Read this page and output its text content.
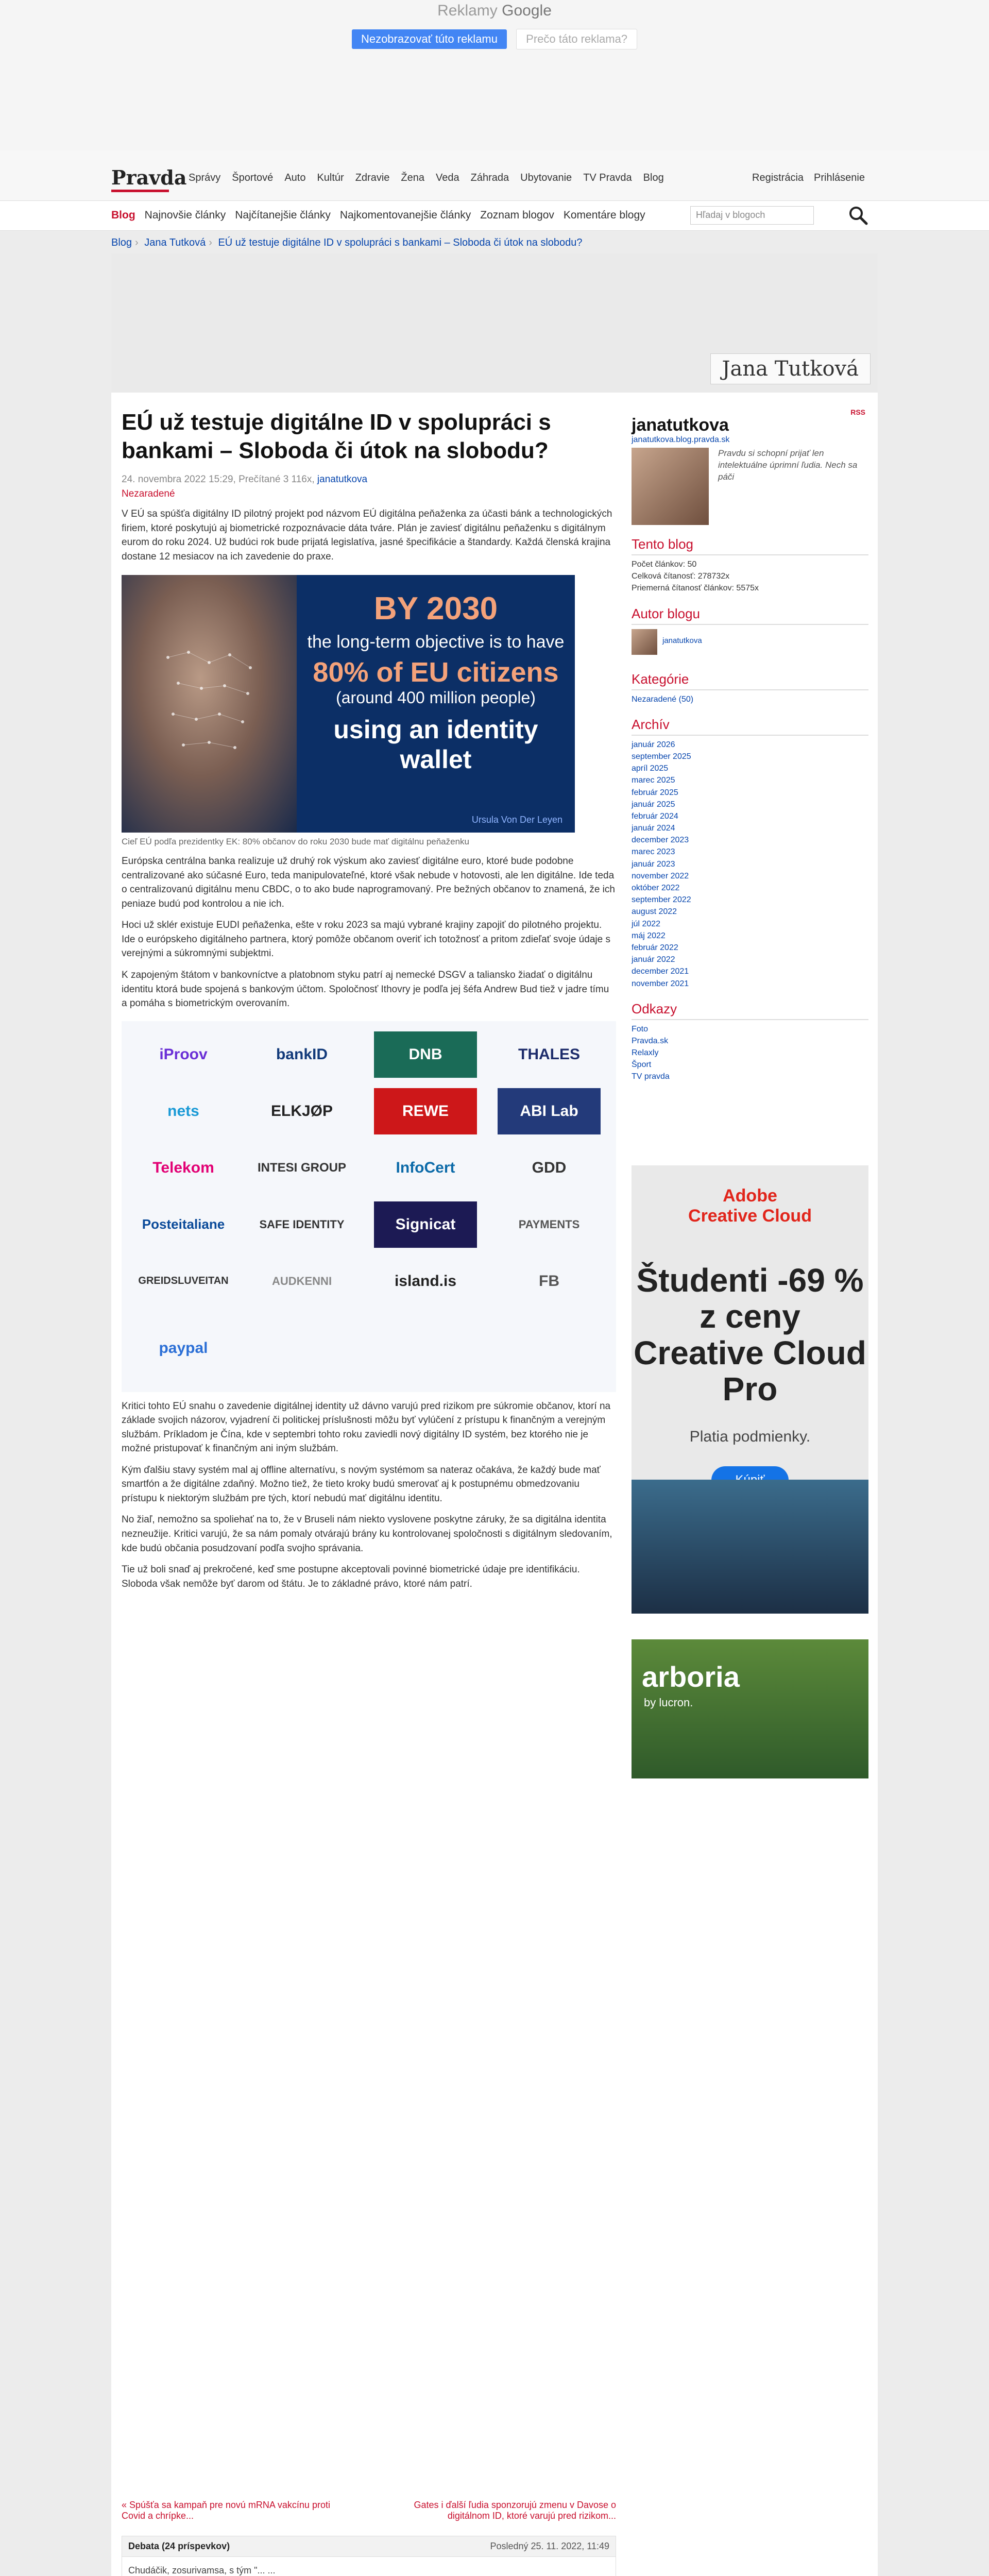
Reklamy Google
Nezobrazovať túto reklamu	Prečo táto reklama?
Pravda Správy Športové Auto Kultúr Zdravie Žena Veda Záhrada Ubytovanie TV Pravda Blog	Registrácia Prihlásenie
Blog Najnovšie články Najčítanejšie články Najkomentovanejšie články Zoznam blogov Komentáre blogy	Hľadaj v blogoch
Blog › Jana Tutková › EÚ už testuje digitálne ID v spolupráci s bankami – Sloboda či útok na slobodu?
Jana Tutková
EÚ už testuje digitálne ID v spolupráci s bankami – Sloboda či útok na slobodu?
24. novembra 2022 15:29, Prečítané 3 116x, janatutkova
Nezaradené

V EÚ sa spúšťa digitálny ID pilotný projekt pod názvom EÚ digitálna peňaženka za účasti bánk a technologických firiem, ktoré poskytujú aj biometrické rozpoznávacie dáta tváre. Plán je zaviesť digitálnu peňaženku s digitálnym eurom do roku 2024. Už budúci rok bude prijatá legislatíva, jasné špecifikácie a štandardy. Každá členská krajina dostane 12 mesiacov na ich zavedenie do praxe.

BY 2030
the long-term objective is to have
80% of EU citizens
(around 400 million people)
using an identity wallet
Ursula Von Der Leyen
Cieľ EÚ podľa prezidentky EK: 80% občanov do roku 2030 bude mať digitálnu peňaženku

Európska centrálna banka realizuje už druhý rok výskum ako zaviesť digitálne euro, ktoré bude podobne centralizované ako súčasné Euro, teda manipulovateľné, ktoré však nebude v hotovosti, ale len digitálne. Ide teda o centralizovanú digitálnu menu CBDC, o to ako bude naprogramovaný. Pre bežných občanov to znamená, že ich peniaze budú pod kontrolou a nie ich.

Hoci už sklér existuje EUDI peňaženka, ešte v roku 2023 sa majú vybrané krajiny zapojiť do pilotného projektu. Ide o európskeho digitálneho partnera, ktorý pomôže občanom overiť ich totožnosť a pritom zdieľať svoje údaje s verejnými a súkromnými subjektmi.

K zapojeným štátom v bankovníctve a platobnom styku patrí aj nemecké DSGV a taliansko žiadať o digitálnu identitu ktorá bude spojená s bankovým účtom. Spoločnosť Ithovry je podľa jej šéfa Andrew Bud tiež v jadre tímu a pomáha s biometrickým overovaním.

iProov	bankID	DNB	THALES
nets	ELKJØP	REWE	ABI Lab
Telekom	INTESI GROUP	InfoCert	GDD
Posteitaliane	SAFE IDENTITY	Signicat	PAYMENTS
GREIDSLUVEITAN	AUDKENNI	island.is	FB
paypal

Kritici tohto EÚ snahu o zavedenie digitálnej identity už dávno varujú pred rizikom pre súkromie občanov, ktorí na základe svojich názorov, vyjadrení či politickej príslušnosti môžu byť vylúčení z prístupu k finančným a verejným službám. Príkladom je Čína, kde v septembri tohto roku zaviedli nový digitálny ID systém, bez ktorého nie je možné pristupovať k finančným ani iným službám.

Kým ďalšiu stavy systém mal aj offline alternatívu, s novým systémom sa nateraz očakáva, že každý bude mať smartfón a že digitálne zdaňný. Možno tiež, že tieto kroky budú smerovať aj k postupnému obmedzovaniu prístupu k niektorým službám pre tých, ktorí nebudú mať digitálnu identitu.

No žiaľ, nemožno sa spoliehať na to, že v Bruseli nám niekto vyslovene poskytne záruky, že sa digitálna identita nezneužije. Kritici varujú, že sa nám pomaly otvárajú brány ku kontrolovanej spoločnosti s digitálnym sledovaním, kde budú občania posudzovaní podľa svojho správania.

Tie už boli snaď aj prekročené, keď sme postupne akceptovali povinné biometrické údaje pre identifikáciu. Sloboda však nemôže byť darom od štátu. Je to základné právo, ktoré nám patrí.

« Spúšťa sa kampaň pre novú mRNA vakcínu proti Covid a chrípke...
Gates i ďalší ľudia sponzorujú zmenu v Davose o digitálnom ID, ktoré varujú pred rizikom...
Debata (24 príspevkov)	Posledný 25. 11. 2022, 11:49
Chudáčik, zosurivamsa, s tým "... ...
RSS
janatutkova
janatutkova.blog.pravda.sk
Pravdu si schopní prijať len intelektuálne úprimní ľudia. Nech sa páči
Tento blog
Počet článkov: 50
Celková čítanosť: 278732x
Priemerná čítanosť článkov: 5575x
Autor blogu
janatutkova
Kategórie
Nezaradené (50)
Archív
január 2026
september 2025
apríl 2025
marec 2025
február 2025
január 2025
február 2024
január 2024
december 2023
marec 2023
január 2023
november 2022
október 2022
september 2022
august 2022
júl 2022
máj 2022
február 2022
január 2022
december 2021
november 2021
Odkazy
Foto
Pravda.sk
Relaxly
Šport
TV pravda
Adobe
Creative Cloud
Študenti -69 % z ceny Creative Cloud Pro
Platia podmienky.
arboria
by lucron.
